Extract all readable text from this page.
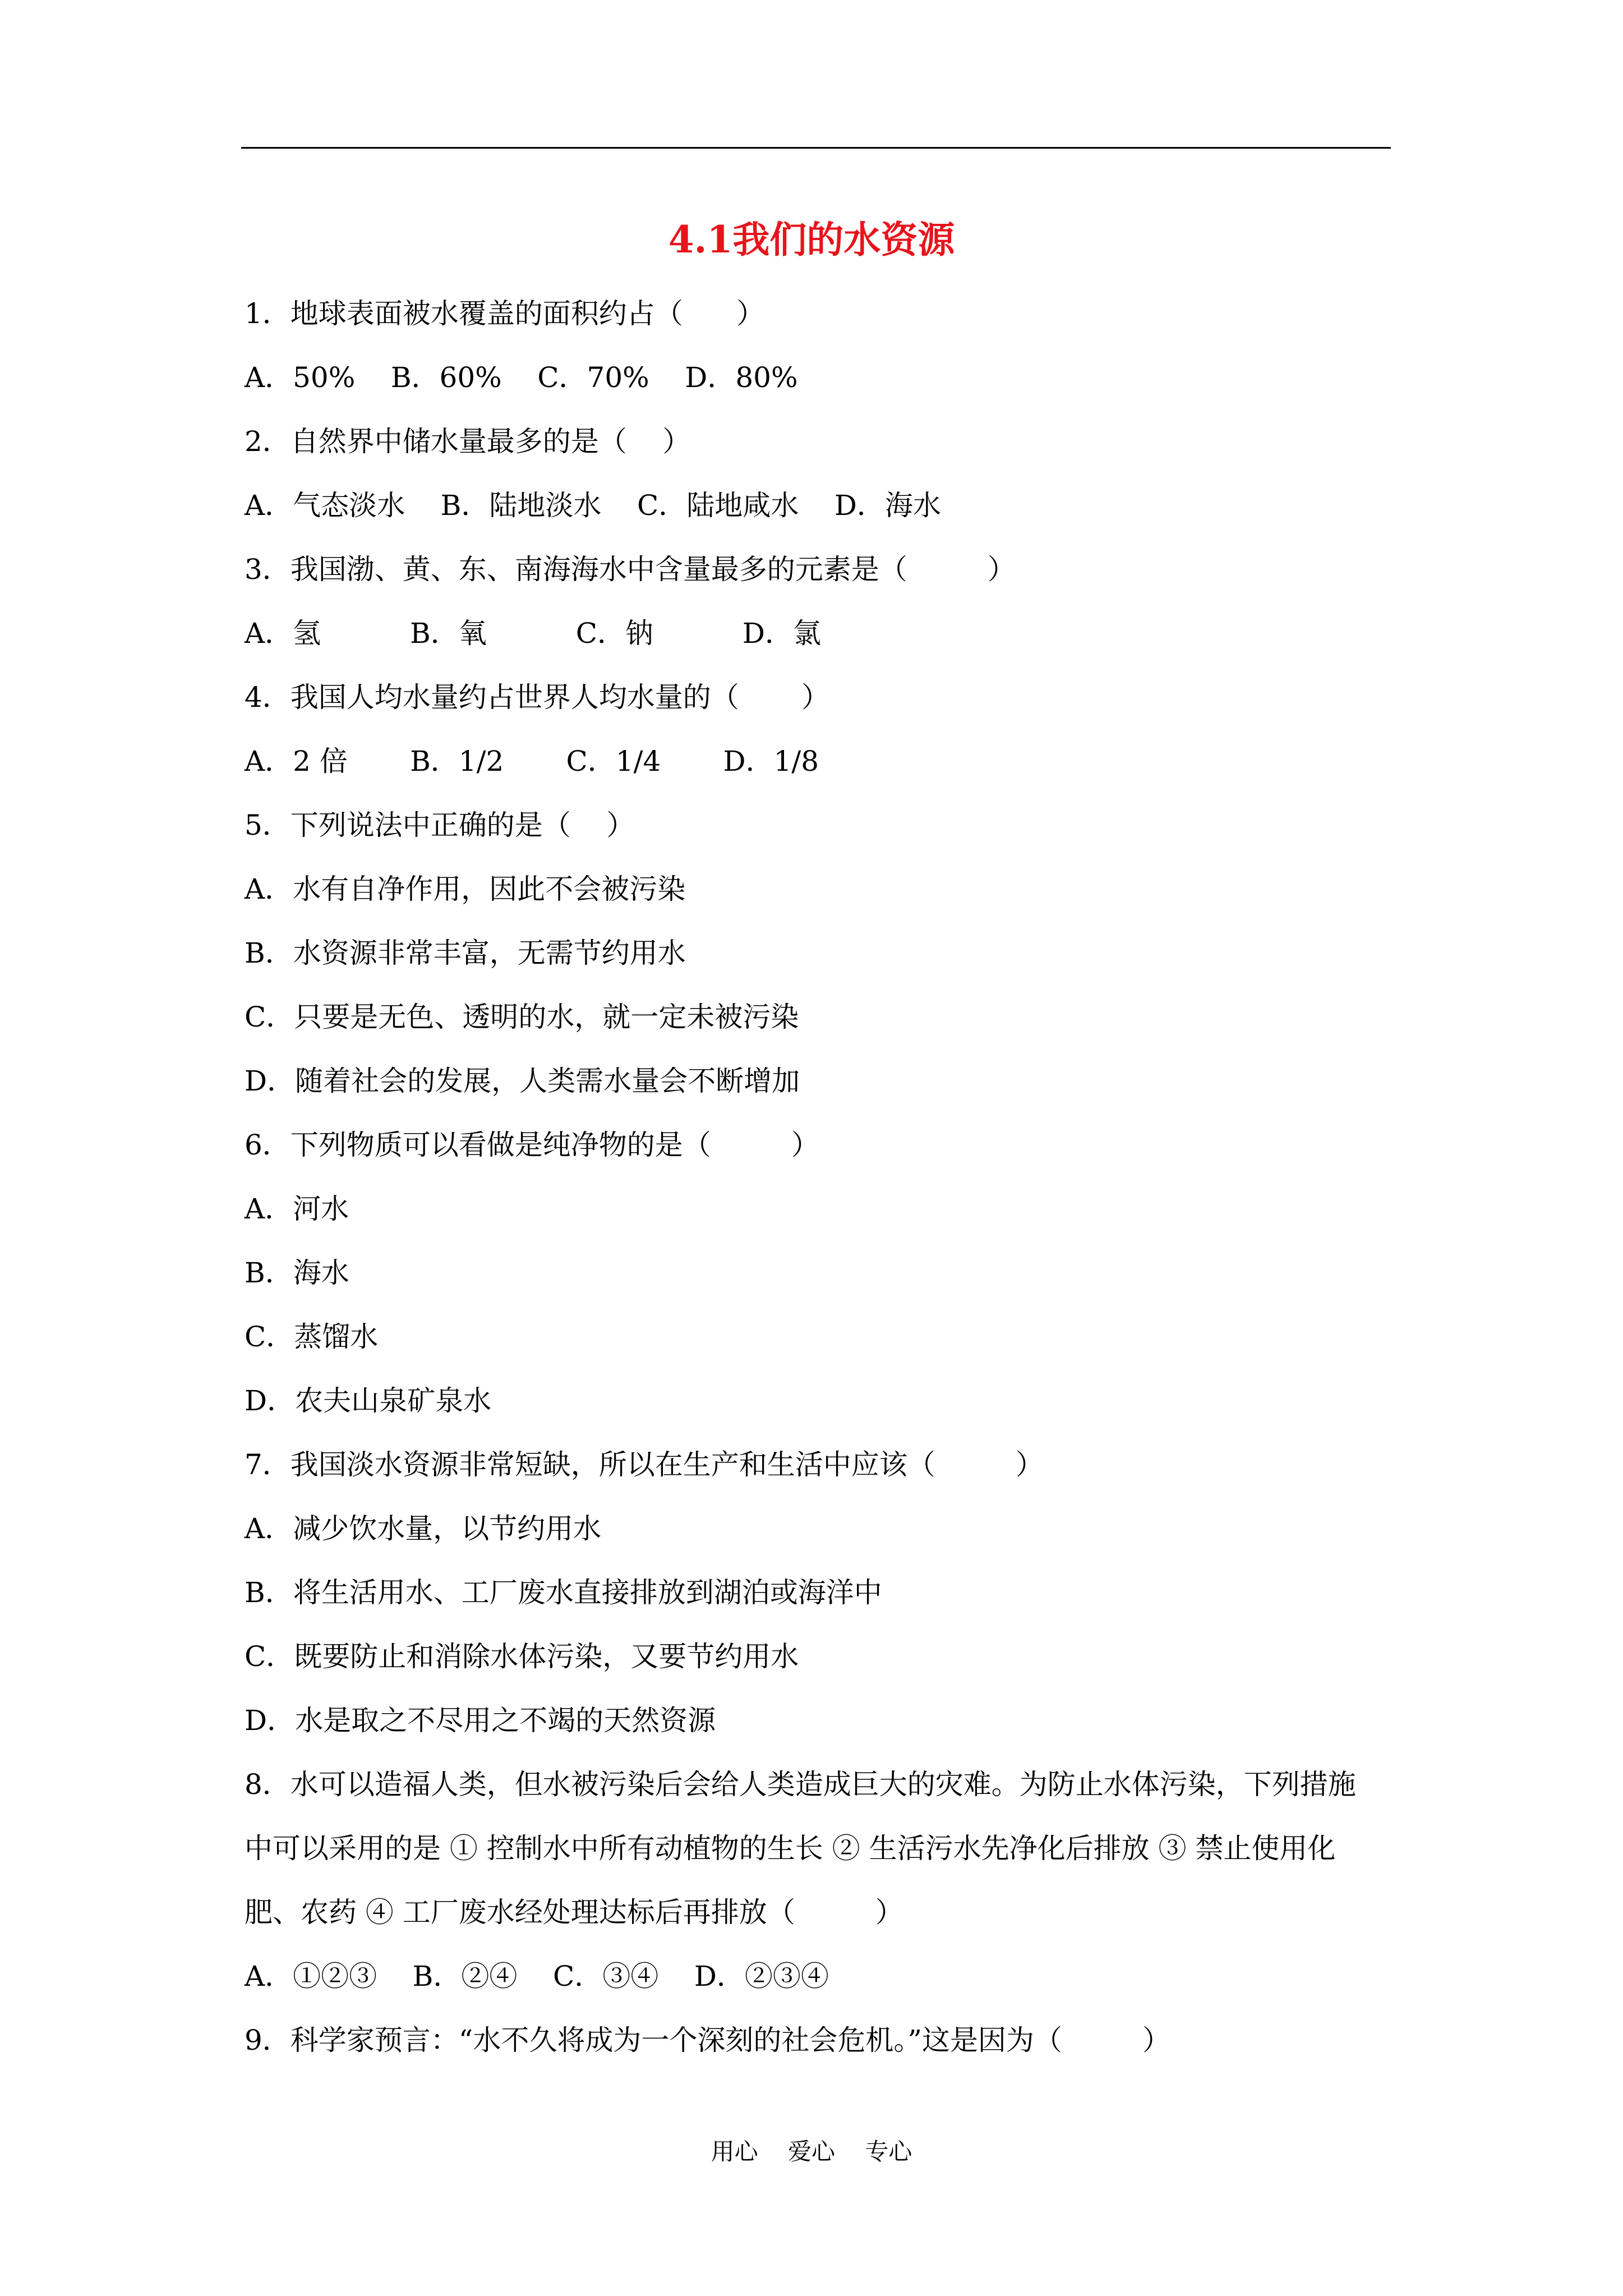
4.1我们的水资源
1．地球表面被水覆盖的面积约占（      ）
A．50%    B．60%    C．70%    D．80%
2．自然界中储水量最多的是（    ）
A．气态淡水    B．陆地淡水    C．陆地咸水    D．海水
3．我国渤、黄、东、南海海水中含量最多的元素是（         ）
A．氢          B．氧          C．钠          D．氯
4．我国人均水量约占世界人均水量的（       ）
A．2 倍       B．1/2       C．1/4       D．1/8
5．下列说法中正确的是（    ）
A．水有自净作用，因此不会被污染
B．水资源非常丰富，无需节约用水
C．只要是无色、透明的水，就一定未被污染
D．随着社会的发展，人类需水量会不断增加
6．下列物质可以看做是纯净物的是（         ）
A．河水
B．海水
C．蒸馏水
D．农夫山泉矿泉水
7．我国淡水资源非常短缺，所以在生产和生活中应该（         ）
A．减少饮水量，以节约用水
B．将生活用水、工厂废水直接排放到湖泊或海洋中
C．既要防止和消除水体污染，又要节约用水
D．水是取之不尽用之不竭的天然资源
8．水可以造福人类，但水被污染后会给人类造成巨大的灾难。为防止水体污染，下列措施
中可以采用的是 ① 控制水中所有动植物的生长 ② 生活污水先净化后排放 ③ 禁止使用化
肥、农药 ④ 工厂废水经处理达标后再排放（         ）
A．①②③    B．②④    C．③④    D．②③④
9．科学家预言：“水不久将成为一个深刻的社会危机。”这是因为（         ）
用心    爱心    专心
